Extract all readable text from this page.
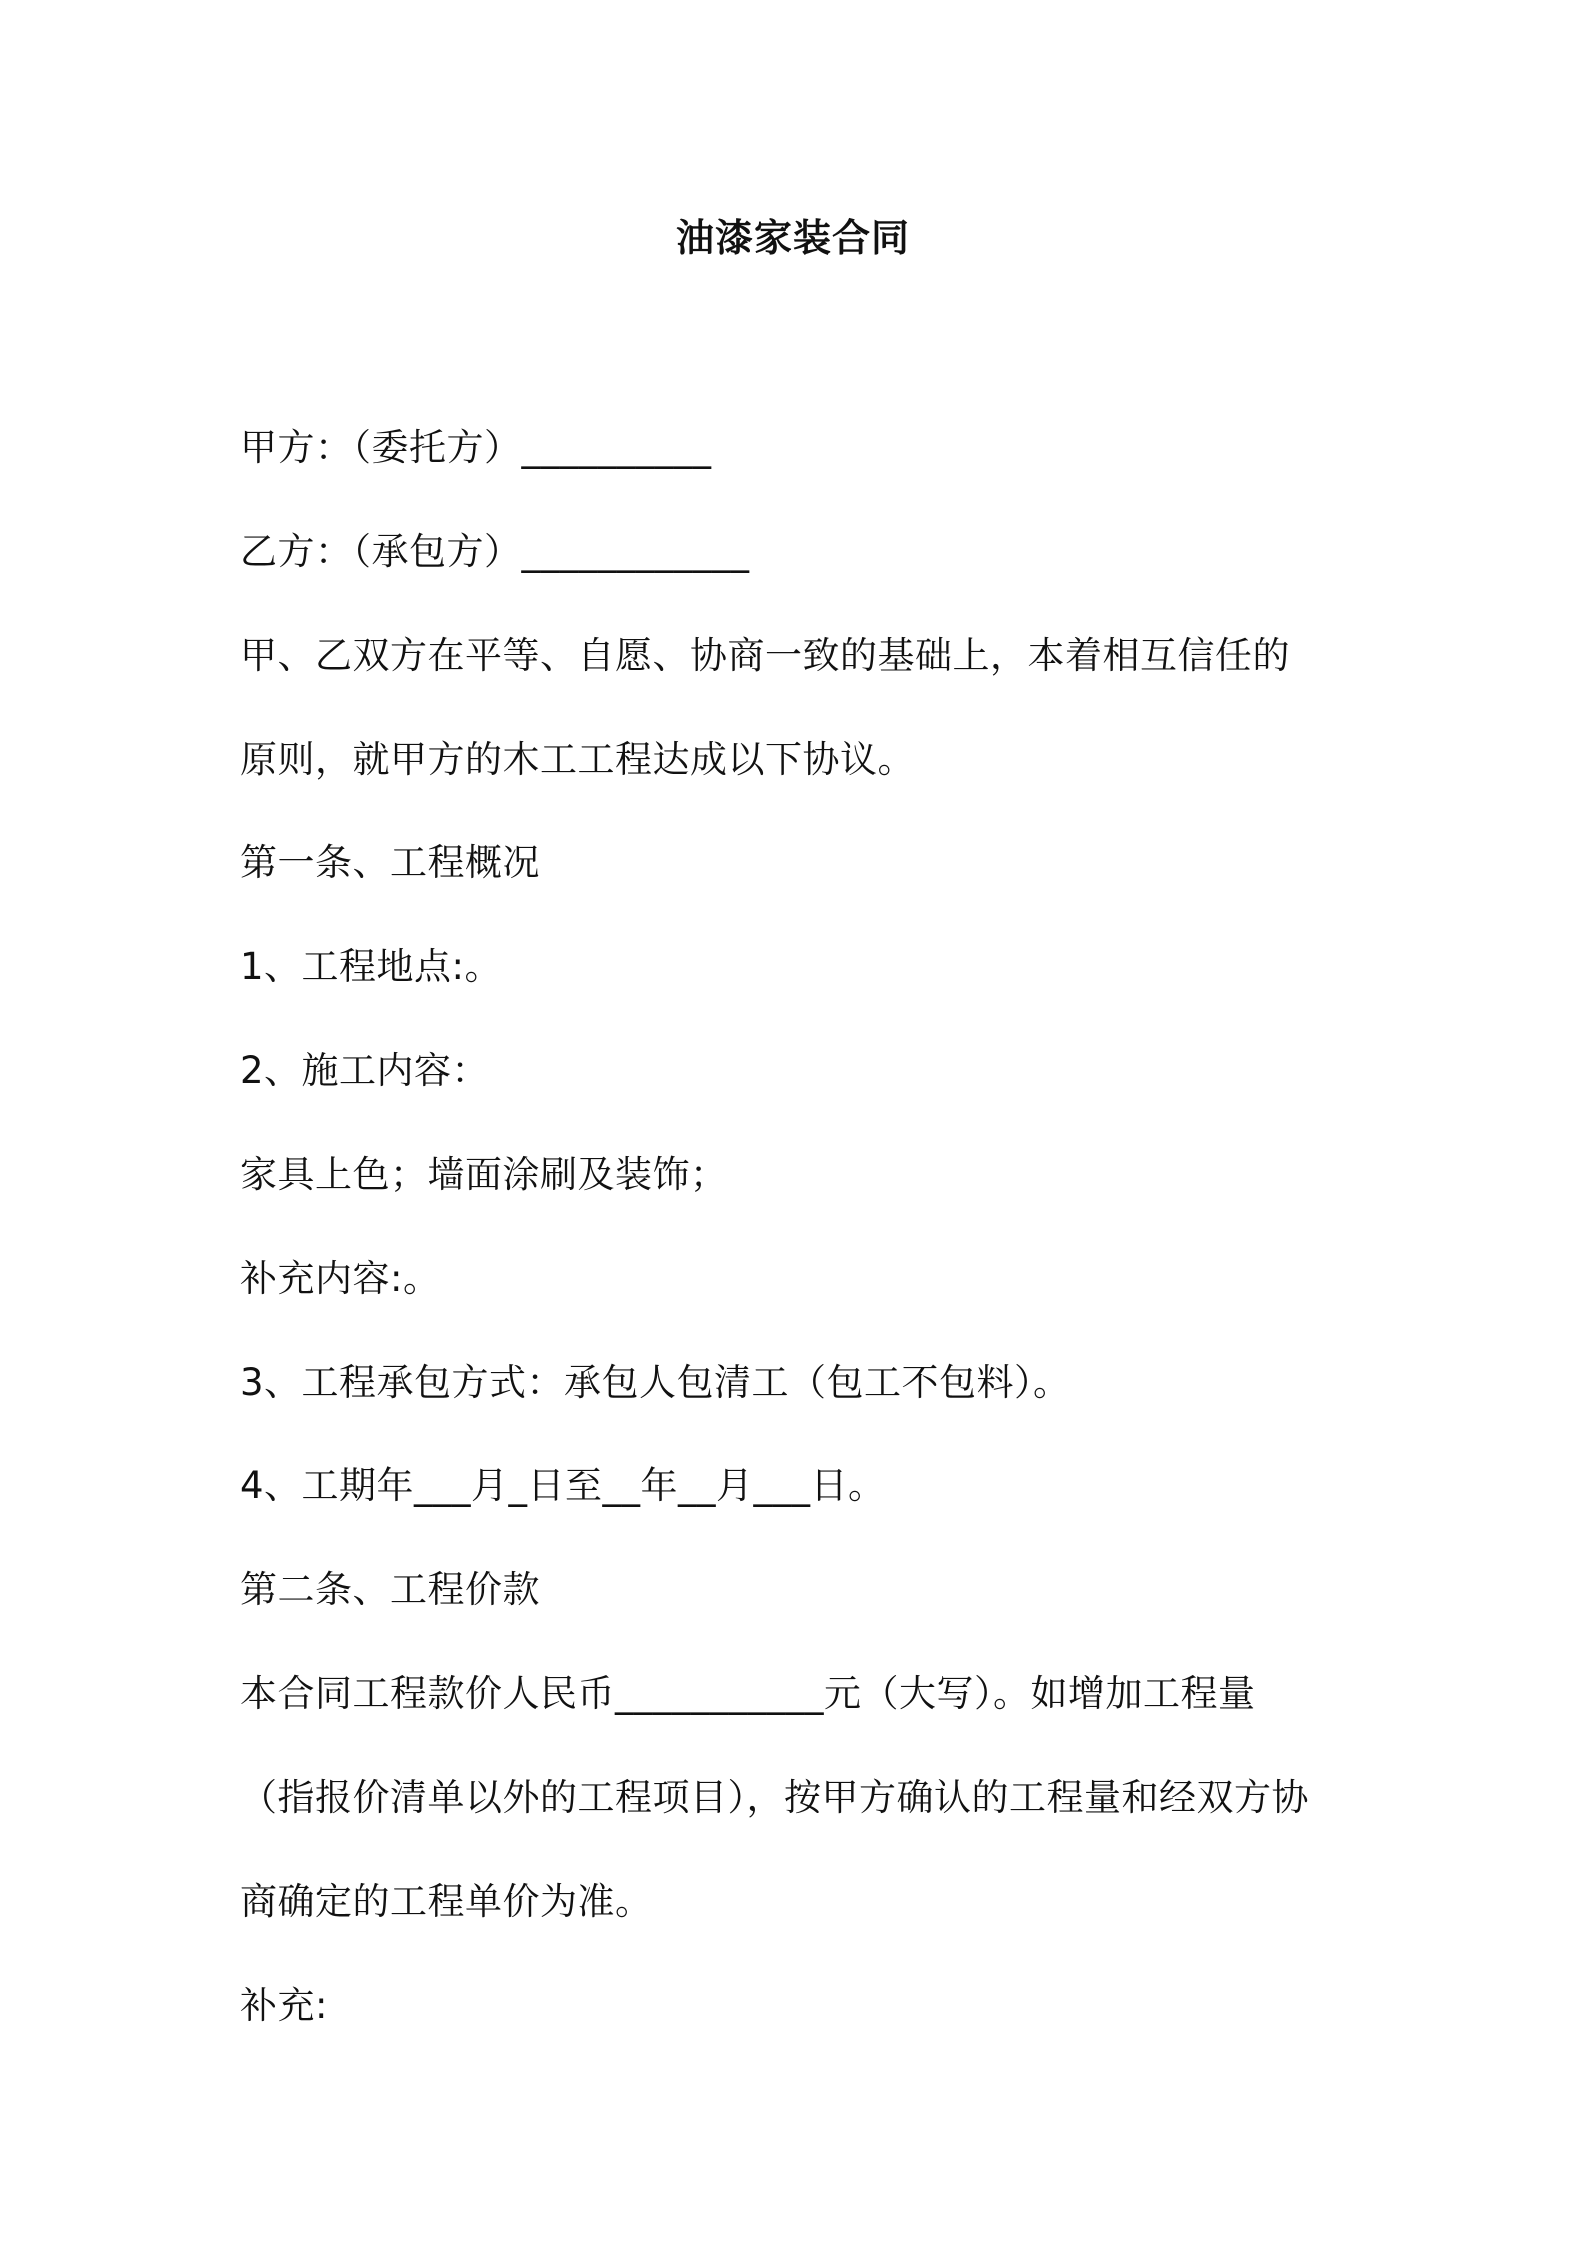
油漆家装合同
甲方：（委托方）__________
乙方：（承包方）____________
甲、乙双方在平等、自愿、协商一致的基础上，本着相互信任的
原则，就甲方的木工工程达成以下协议。
第一条、工程概况
1、工程地点:。
2、施工内容：
家具上色；墙面涂刷及装饰；
补充内容:。
3、工程承包方式：承包人包清工（包工不包料）。
4、工期年___月_日至__年__月___日。
第二条、工程价款
本合同工程款价人民币___________元（大写）。如增加工程量
（指报价清单以外的工程项目），按甲方确认的工程量和经双方协
商确定的工程单价为准。
补充:
